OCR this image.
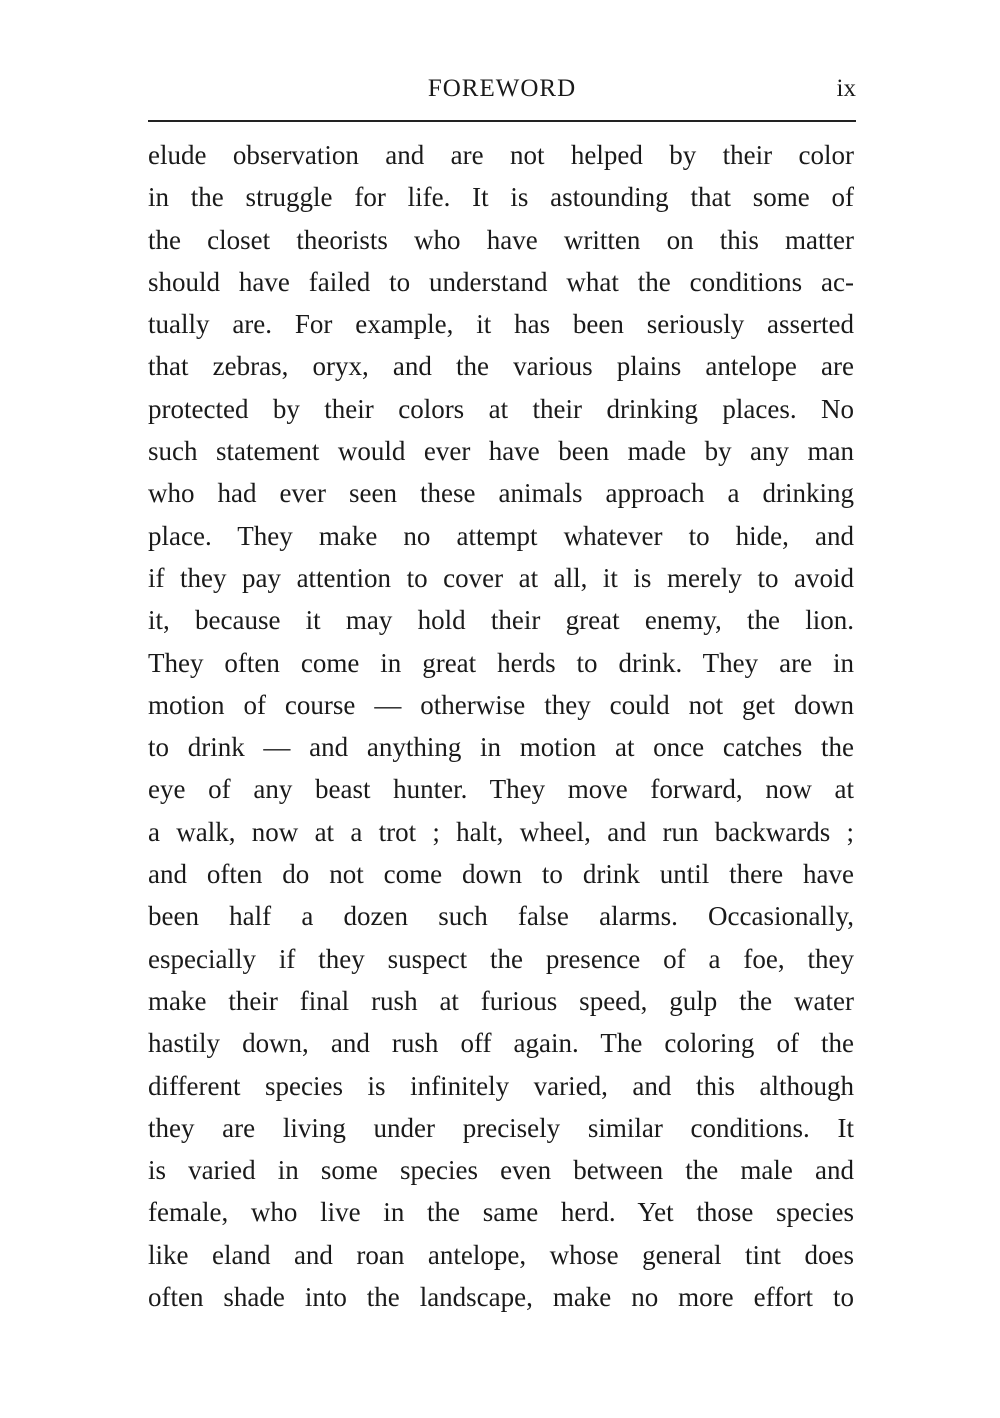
FOREWORD	ix
elude observation and are not helped by their color
in the struggle for life. It is astounding that some of
the closet theorists who have written on this matter
should have failed to understand what the conditions ac-
tually are. For example, it has been seriously asserted
that zebras, oryx, and the various plains antelope are
protected by their colors at their drinking places. No
such statement would ever have been made by any man
who had ever seen these animals approach a drinking
place. They make no attempt whatever to hide, and
if they pay attention to cover at all, it is merely to avoid
it, because it may hold their great enemy, the lion.
They often come in great herds to drink. They are in
motion of course — otherwise they could not get down
to drink — and anything in motion at once catches the
eye of any beast hunter. They move forward, now at
a walk, now at a trot ; halt, wheel, and run backwards ;
and often do not come down to drink until there have
been half a dozen such false alarms. Occasionally,
especially if they suspect the presence of a foe, they
make their final rush at furious speed, gulp the water
hastily down, and rush off again. The coloring of the
different species is infinitely varied, and this although
they are living under precisely similar conditions. It
is varied in some species even between the male and
female, who live in the same herd. Yet those species
like eland and roan antelope, whose general tint does
often shade into the landscape, make no more effort to
